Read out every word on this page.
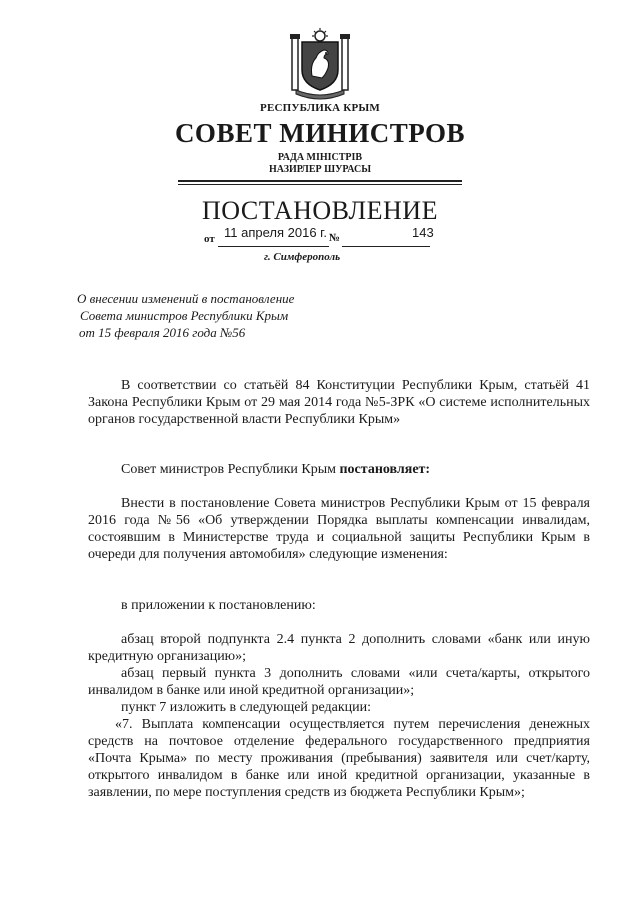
РЕСПУБЛИКА КРЫМ
СОВЕТ МИНИСТРОВ
РАДА МІНІСТРІВ
НАЗИРЛЕР ШУРАСЫ
ПОСТАНОВЛЕНИЕ
от 11 апреля 2016 г. №	143
г. Симферополь
О внесении изменений в постановление
Совета министров Республики Крым
от 15 февраля 2016 года №56
В соответствии со статьёй 84 Конституции Республики Крым, статьёй 41 Закона Республики Крым от 29 мая 2014 года №5-ЗРК «О системе исполнительных органов государственной власти Республики Крым»
Совет министров Республики Крым постановляет:
Внести в постановление Совета министров Республики Крым от 15 февраля 2016 года №56 «Об утверждении Порядка выплаты компенсации инвалидам, состоявшим в Министерстве труда и социальной защиты Республики Крым в очереди для получения автомобиля» следующие изменения:
в приложении к постановлению:
абзац второй подпункта 2.4 пункта 2 дополнить словами «банк или иную кредитную организацию»;
абзац первый пункта 3 дополнить словами «или счета/карты, открытого инвалидом в банке или иной кредитной организации»;
пункт 7 изложить в следующей редакции:
«7. Выплата компенсации осуществляется путем перечисления денежных средств на почтовое отделение федерального государственного предприятия «Почта Крыма» по месту проживания (пребывания) заявителя или счет/карту, открытого инвалидом в банке или иной кредитной организации, указанные в заявлении, по мере поступления средств из бюджета Республики Крым»;
